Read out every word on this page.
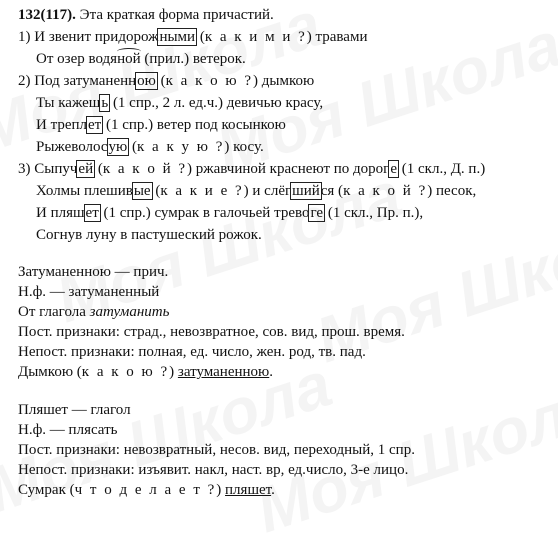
132(117). Эта краткая форма причастий.
1) И звенит придорожными (к а к и м и ?) травами
От озер водяной (прил.) ветерок.
2) Под затуманенною (к а к о ю ?) дымкою
Ты кажешь (1 спр., 2 л. ед.ч.) девичью красу,
И треплет (1 спр.) ветер под косынкою
Рыжеволосую (к а к у ю ?) косу.
3) Сыпучей (к а к о й ?) ржавчиной краснеют по дороге (1 скл., Д. п.)
Холмы плешивые (к а к и е ?) и слёгшийся (к а к о й ?) песок,
И пляшет (1 спр.) сумрак в галочьей тревоге (1 скл., Пр. п.),
Согнув луну в пастушеский рожок.
Затуманенною — прич.
Н.ф. — затуманенный
От глагола затуманить
Пост. признаки: страд., невозвратное, сов. вид, прош. время.
Непост. признаки: полная, ед. число, жен. род, тв. пад.
Дымкою (к а к о ю ?) затуманенною.
Пляшет — глагол
Н.ф. — плясать
Пост. признаки: невозвратный, несов. вид, переходный, 1 спр.
Непост. признаки: изъявит. накл, наст. вр, ед.число, 3-е лицо.
Сумрак (ч т о д е л а е т ?) пляшет.
